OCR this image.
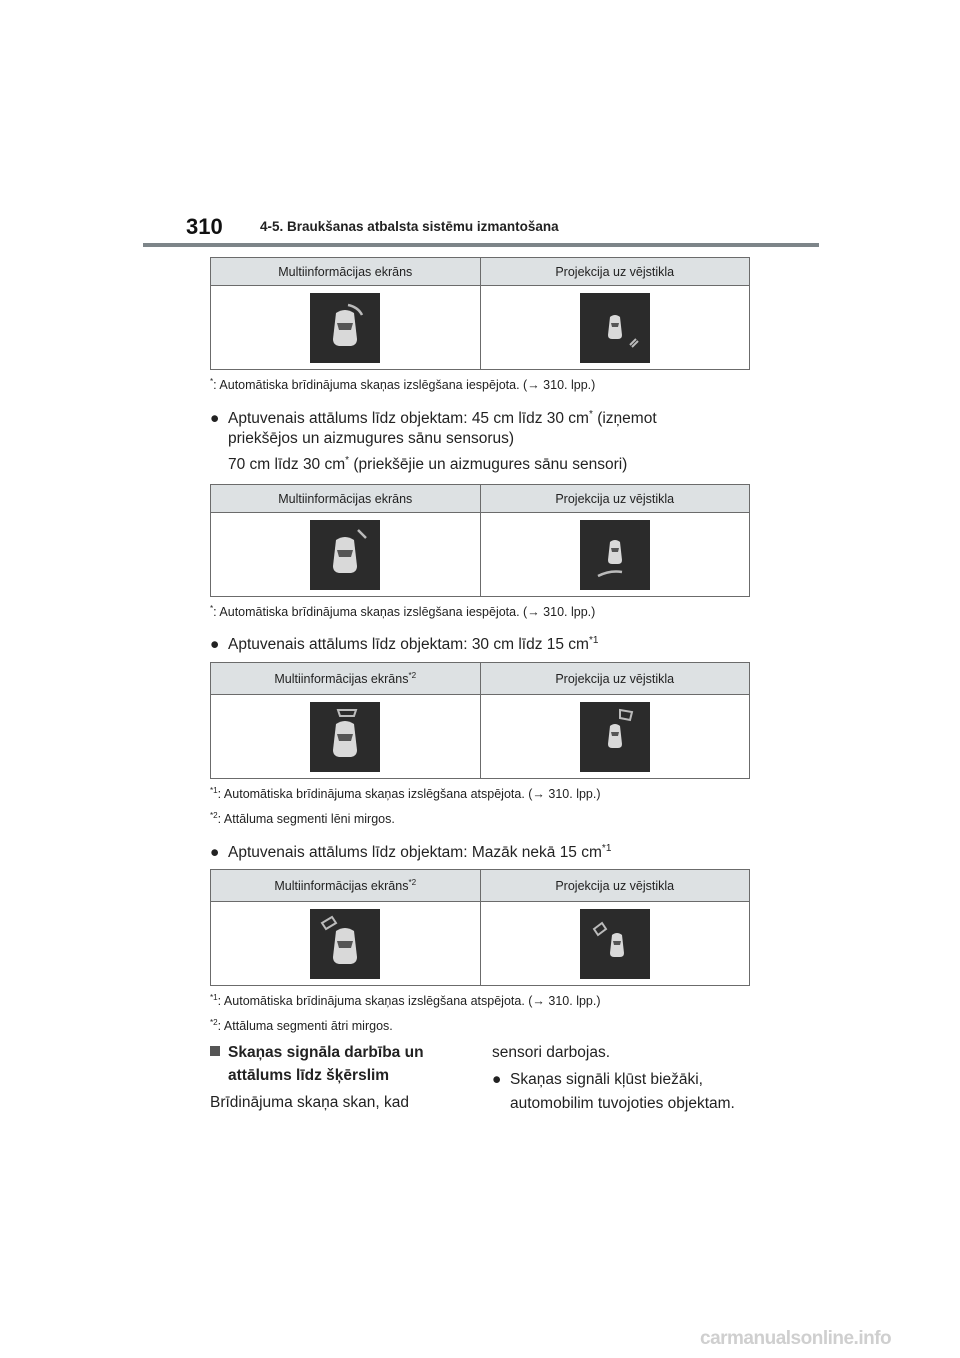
310	4-5. Braukšanas atbalsta sistēmu izmantošana
Multiinformācijas ekrāns	Projekcija uz vējstikla

*: Automātiska brīdinājuma skaņas izslēgšana iespējota. (→ 310. lpp.)
● Aptuvenais attālums līdz objektam: 45 cm līdz 30 cm* (izņemot
priekšējos un aizmugures sānu sensorus)
70 cm līdz 30 cm* (priekšējie un aizmugures sānu sensori)
Multiinformācijas ekrāns	Projekcija uz vējstikla

*: Automātiska brīdinājuma skaņas izslēgšana iespējota. (→ 310. lpp.)
● Aptuvenais attālums līdz objektam: 30 cm līdz 15 $cm^{*1}$
Multiinformācijas ekrāns$^{*2}$	Projekcija uz vējstikla

$^{*1}$: Automātiska brīdinājuma skaņas izslēgšana atspējota. (→ 310. lpp.)
$^{*2}$: Attāluma segmenti lēni mirgos.
● Aptuvenais attālums līdz objektam: Mazāk nekā 15 $cm^{*1}$
Multiinformācijas ekrāns$^{*2}$	Projekcija uz vējstikla

$^{*1}$: Automātiska brīdinājuma skaņas izslēgšana atspējota. (→ 310. lpp.)
$^{*2}$: Attāluma segmenti ātri mirgos.
Skaņas signāla darbība un
attālums līdz šķērslim
Brīdinājuma skaņa skan, kad
sensori darbojas.
● Skaņas signāli kļūst biežāki,
automobilim tuvojoties objektam.
carmanualsonline.info
